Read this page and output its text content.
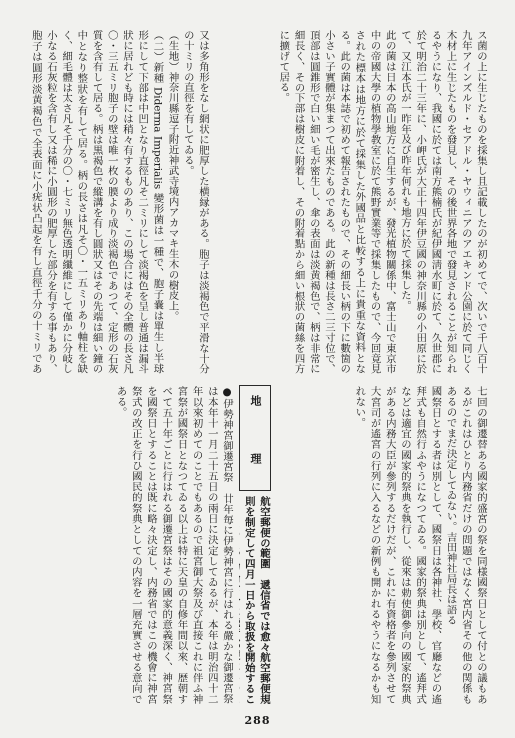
又は多角形をなし網状に肥厚した横縁がある。胞子は淡褐色で平滑な十分の十ミリの直徑を有してゐる。

（生地）神奈川縣逗子附近神武寺境内アカマキ生木の樹皮上。

（二）新種 Diderma Imperialis 變形菌は一種で、胞子嚢は單生し半球形にして下部は中凹となり直徑凡そ二ミリにして淡褐色を呈し普通は漏斗狀に居れども時には稍々有するものあり、この場合にはその全體の長さ凡〇・三五ミリ胞子の壁は唯一枚の膜より成り淡褐色であつて、定形の石灰質を含有して居る。柄は黒褐色で縱溝を有し圓狀又はその先端は細い鐘の中となり整狀を有して居る。柄の長さは凡そ〇・一五ミリあり軸柱を缺く、細毛體は太さ凡そ千分の〇・七ミリ無色透明纖維にして僅かに分岐し小なる石灰粒を含有し又は稀に小圓形の肥厚した部分を有する事もあり、胞子は圓形淡黄褐色で全表面に小疣状凸起を有し直徑千分の十ミリであ

●伊勢神宮御遷宮祭　廿年毎に伊勢神宮に行はれる嚴かな御遷宮祭は本年十一月二十五日の兩日に決定してゐるが、本年は明治四十二年以來初めてのことでもあるので祖宮御大祭及び直接これに伴ふ神宮祭が國祭日となつてゐる以上は特に天皇の自修年間以來、歴朝すべて五十年ごとに行はれる御遷宮祭はその國家的意義深く、神宮祭を國祭日とすることは既に略々決定し、内務省ではこの機會に神宮祭式の改正を行ひ國民的祭典としての内容を一層充實させる意向である。

ス菌の上に生じたものを採集し且記載したのが初めてで、次いで千八百十九年アインズルド・セアドル・ヤウィニアのアエキンド公園に於て同じく木材上に生じたものを發見し、その後世界各地で發見されることが知られるやうになり、我國に於ては南方熊楠氏が紀伊國淸水町に於て、久世郡に於て明治二十三年に、小岬氏が大正十四年伊豆國の神奈川縣の小田原に於て、又江本氏が一昨年及び昨年何れも地方に於て採集した。

此の菌は日本の高山地方に自生するが、發光植物關係中、富士山で東京市中の帝國大學の植物學教室に於て熊野實業等で採集したもので、今回竟見された標本は地方に於て採集した外國品と比較する上に貴重な資料となる。此の菌は本誌で初めて報告されたもので、その細長い柄の下に數箇の小さい子實體が集まつて出來たものである。此の新種は長さ二三寸位で、頂部は圓錐形で白い細い毛が密生し、傘の表面は淡黄褐色で、柄は非常に細長く、その下部は樹皮に附着し、その附着點から細い根狀の菌絲を四方に擴げて居る。

地　理	七回の御遷替ある國家的盛宮の祭を同様國祭日として付との議もあるがこれはひとり内務省だけの問題ではなく宮内省その他の関係もあるのでまだ決定してゐない。吉田神社局長は語る

國祭日とする者は別として、國祭日は各神社、學校、官廳などの遙拜式も自然行ふやうになつてゐる。國家的祭典は別として、遙拜式などは適宜の國家的祭典を執行し、從來は勅使御參向の國家的祭典がある内務大臣が參列するだけだが、これに有資格者を參列させて大宮司が遙宮の行列に入るなどの新例も開かれるやうになるかも知れない。

288

航空郵便の範圍　遞信省では愈々航空郵便規則を制定して四月一日から取扱を開始するこ
